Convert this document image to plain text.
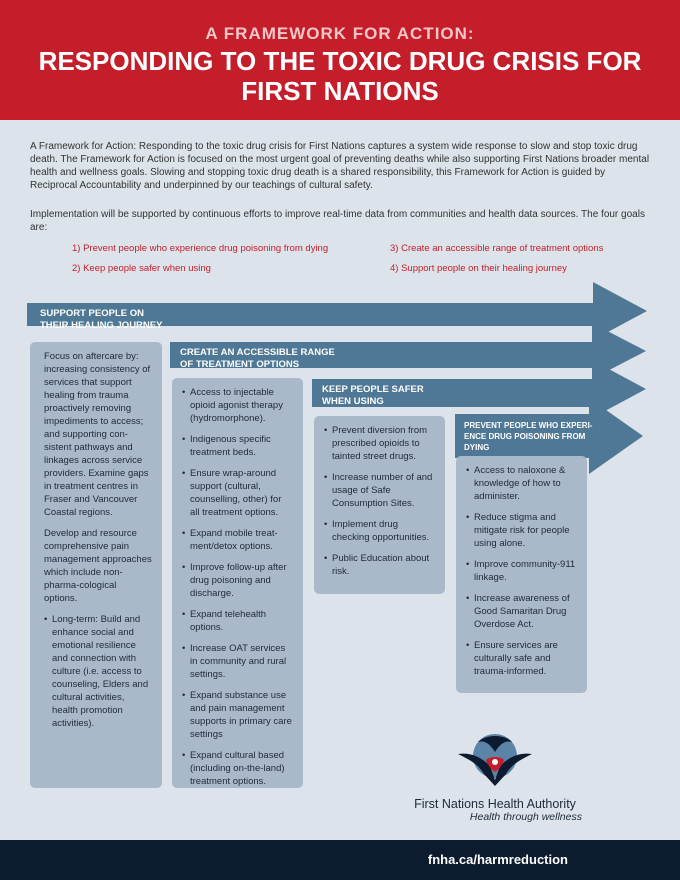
A FRAMEWORK FOR ACTION:
RESPONDING TO THE TOXIC DRUG CRISIS FOR FIRST NATIONS

A Framework for Action: Responding to the toxic drug crisis for First Nations captures a system wide response to slow and stop toxic drug death. The Framework for Action is focused on the most urgent goal of preventing deaths while also supporting First Nations broader mental health and wellness goals. Slowing and stopping toxic drug death is a shared responsibility, this Framework for Action is guided by Reciprocal Accountability and underpinned by our teachings of cultural safety.

Implementation will be supported by continuous efforts to improve real-time data from communities and health data sources. The four goals are:

1) Prevent people who experience drug poisoning from dying
2) Keep people safer when using
3) Create an accessible range of treatment options
4) Support people on their healing journey
SUPPORT PEOPLE ON
THEIR HEALING JOURNEY
CREATE AN ACCESSIBLE RANGE
OF TREATMENT OPTIONS
KEEP PEOPLE SAFER
WHEN USING
PREVENT PEOPLE WHO EXPERI-
ENCE DRUG POISONING FROM
DYING

Focus on aftercare by: increasing consistency of services that support healing from trauma proactively removing impediments to access; and supporting con-sistent pathways and linkages across service providers. Examine gaps in treatment centres in Fraser and Vancouver Coastal regions.

Develop and resource comprehensive pain management approaches which include non-pharma-cological options.

• Long-term: Build and enhance social and emotional resilience and connection with culture (i.e. access to counseling, Elders and cultural activities, health promotion activities).
• Access to injectable opioid agonist therapy (hydromorphone).
• Indigenous specific treatment beds.
• Ensure wrap-around support (cultural, counselling, other) for all treatment options.
• Expand mobile treat-ment/detox options.
• Improve follow-up after drug poisoning and discharge.
• Expand telehealth options.
• Increase OAT services in community and rural settings.
• Expand substance use and pain management supports in primary care settings
• Expand cultural based (including on-the-land) treatment options.
• Prevent diversion from prescribed opioids to tainted street drugs.
• Increase number of and usage of Safe Consumption Sites.
• Implement drug checking opportunities.
• Public Education about risk.
• Access to naloxone & knowledge of how to administer.
• Reduce stigma and mitigate risk for people using alone.
• Improve community-911 linkage.
• Increase awareness of Good Samaritan Drug Overdose Act.
• Ensure services are culturally safe and trauma-informed.
First Nations Health Authority
Health through wellness
fnha.ca/harmreduction
